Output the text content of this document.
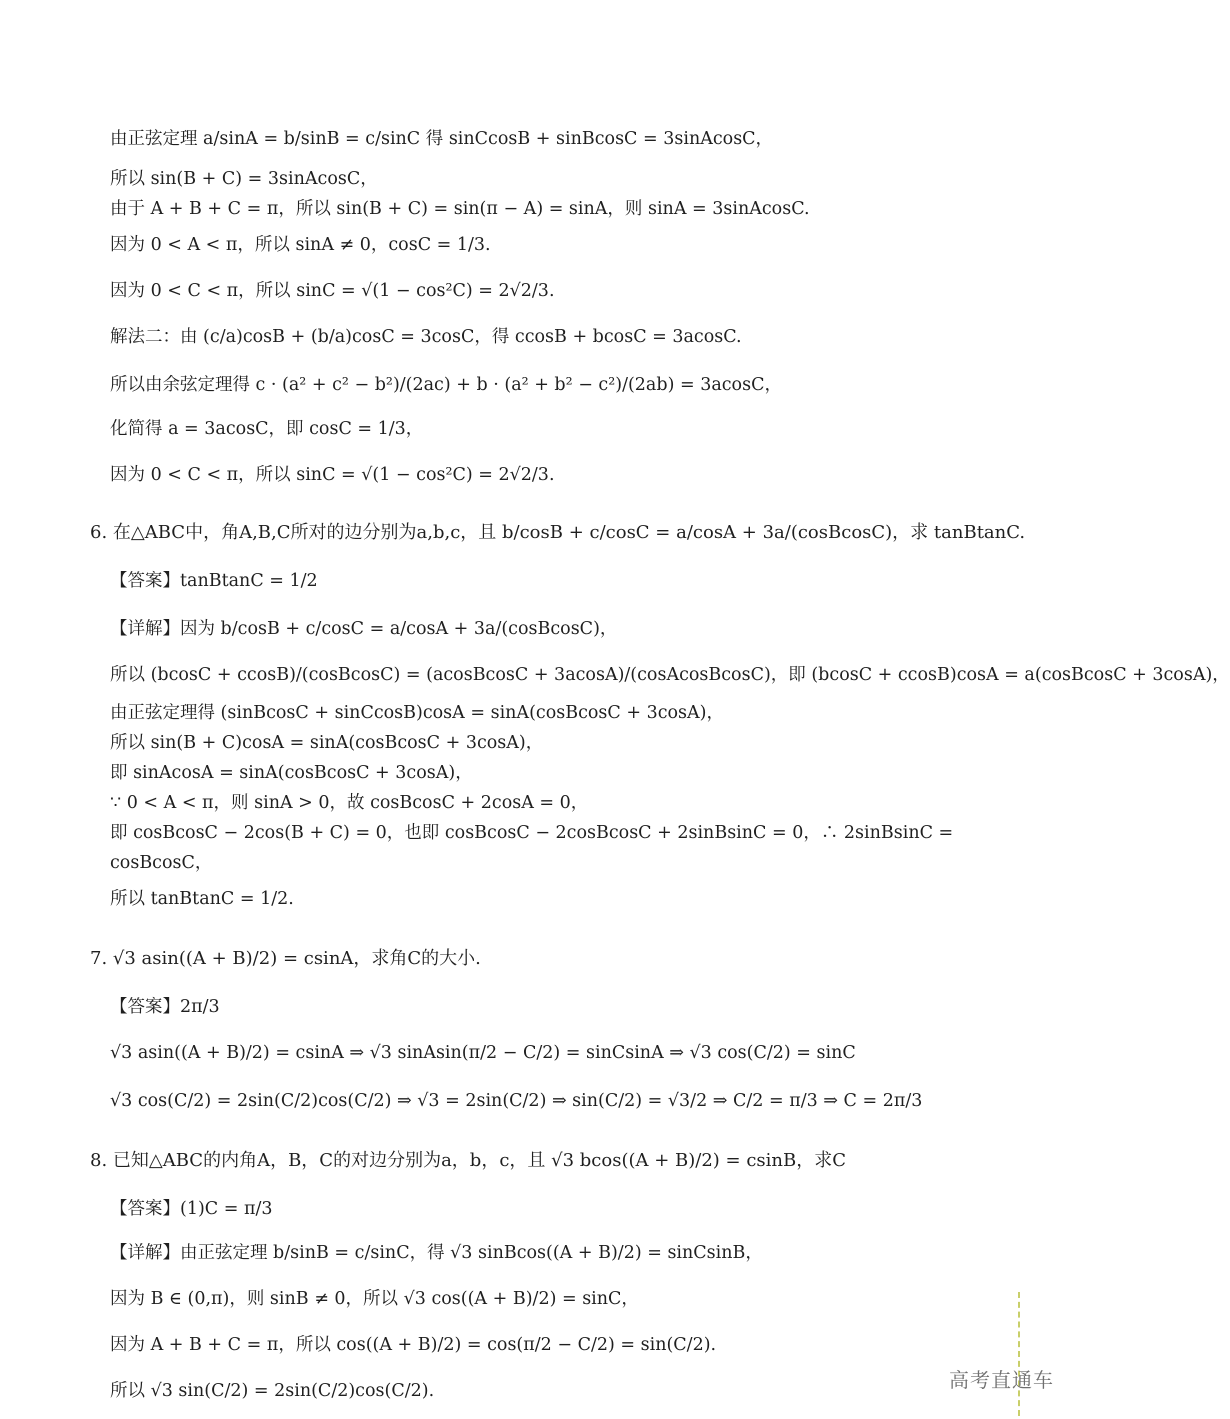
由正弦定理 a/sinA = b/sinB = c/sinC 得 sinCcosB + sinBcosC = 3sinAcosC，
所以 sin(B + C) = 3sinAcosC，
由于 A + B + C = π，所以 sin(B + C) = sin(π − A) = sinA，则 sinA = 3sinAcosC.
因为 0 < A < π，所以 sinA ≠ 0，cosC = 1/3.
因为 0 < C < π，所以 sinC = √(1 − cos²C) = 2√2/3.
解法二：由 (c/a)cosB + (b/a)cosC = 3cosC，得 ccosB + bcosC = 3acosC.
所以由余弦定理得 c · (a² + c² − b²)/(2ac) + b · (a² + b² − c²)/(2ab) = 3acosC，
化简得 a = 3acosC，即 cosC = 1/3，
因为 0 < C < π，所以 sinC = √(1 − cos²C) = 2√2/3.
6. 在△ABC中，角A,B,C所对的边分别为a,b,c，且 b/cosB + c/cosC = a/cosA + 3a/(cosBcosC)，求 tanBtanC.
【答案】tanBtanC = 1/2
【详解】因为 b/cosB + c/cosC = a/cosA + 3a/(cosBcosC)，
所以 (bcosC + ccosB)/(cosBcosC) = (acosBcosC + 3acosA)/(cosAcosBcosC)，即 (bcosC + ccosB)cosA = a(cosBcosC + 3cosA)，
由正弦定理得 (sinBcosC + sinCcosB)cosA = sinA(cosBcosC + 3cosA)，
所以 sin(B + C)cosA = sinA(cosBcosC + 3cosA)，
即 sinAcosA = sinA(cosBcosC + 3cosA)，
∵ 0 < A < π，则 sinA > 0，故 cosBcosC + 2cosA = 0，
即 cosBcosC − 2cos(B + C) = 0，也即 cosBcosC − 2cosBcosC + 2sinBsinC = 0，∴ 2sinBsinC =
cosBcosC，
所以 tanBtanC = 1/2.
7. √3 asin((A + B)/2) = csinA，求角C的大小.
【答案】2π/3
√3 asin((A + B)/2) = csinA ⇒ √3 sinAsin(π/2 − C/2) = sinCsinA ⇒ √3 cos(C/2) = sinC
√3 cos(C/2) = 2sin(C/2)cos(C/2) ⇒ √3 = 2sin(C/2) ⇒ sin(C/2) = √3/2 ⇒ C/2 = π/3 ⇒ C = 2π/3
8. 已知△ABC的内角A，B，C的对边分别为a，b，c，且 √3 bcos((A + B)/2) = csinB，求C
【答案】(1)C = π/3
【详解】由正弦定理 b/sinB = c/sinC，得 √3 sinBcos((A + B)/2) = sinCsinB，
因为 B ∈ (0,π)，则 sinB ≠ 0，所以 √3 cos((A + B)/2) = sinC，
因为 A + B + C = π，所以 cos((A + B)/2) = cos(π/2 − C/2) = sin(C/2).
所以 √3 sin(C/2) = 2sin(C/2)cos(C/2).	高考直通车
